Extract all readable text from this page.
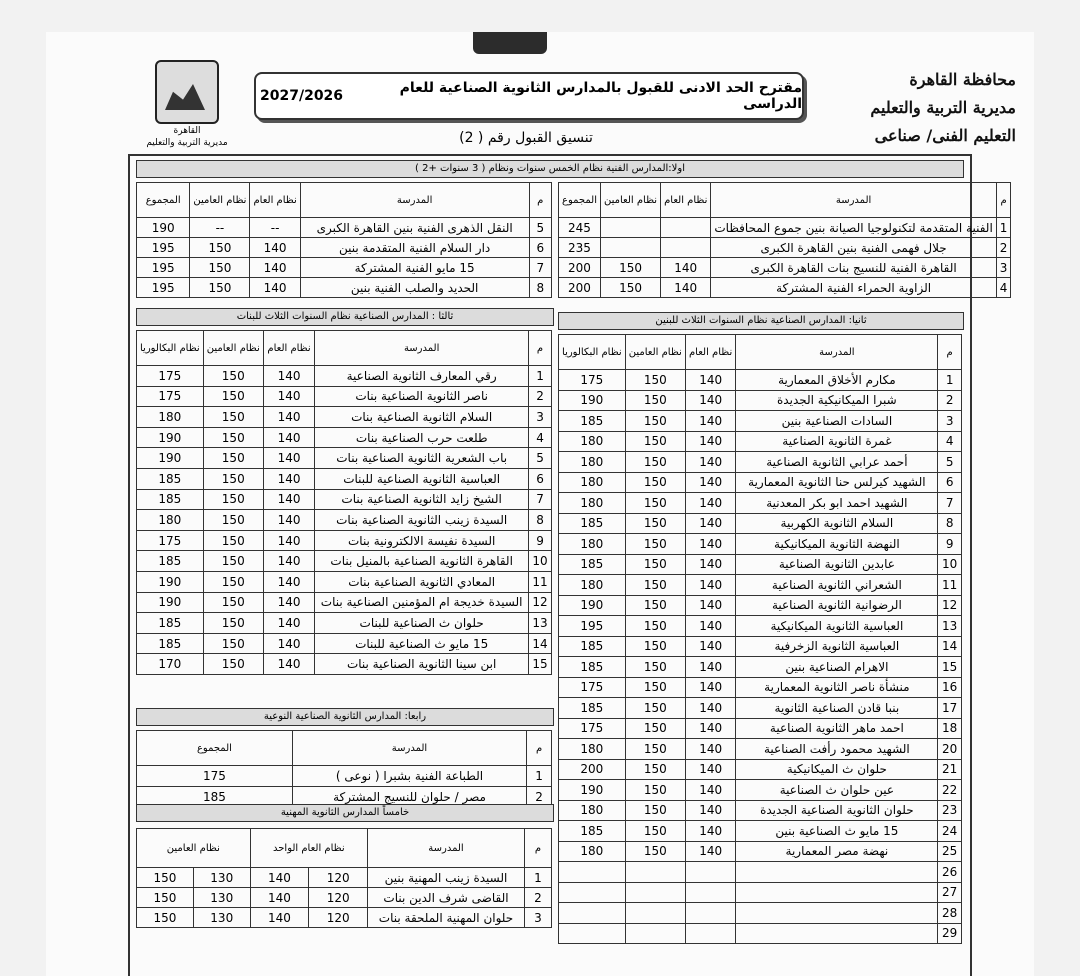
محافظة القاهرة
مديرية التربية والتعليم
التعليم الفنى/ صناعى
مقترح الحد الادنى للقبول بالمدارس الثانوية الصناعية للعام الدراسى
2027/2026
القاهرة
مديرية التربية والتعليم	تنسيق القبول رقم ( 2)
اولا:المدارس الفنية نظام الخمس سنوات ونظام ( 3 سنوات +2 )
م	المدرسة	نظام العام	نظام العامين	المجموع
1	الفنية المتقدمة لتكنولوجيا الصيانة بنين جموع المحافظات			245
2	جلال فهمى الفنية بنين القاهرة الكبرى			235
3	القاهرة الفنية للنسيج بنات القاهرة الكبرى	140	150	200
4	الزاوية الحمراء الفنية المشتركة	140	150	200
م	المدرسة	نظام العام	نظام العامين	المجموع
5	النقل الذهرى الفنية بنين القاهرة الكبرى	--	--	190
6	دار السلام الفنية المتقدمة بنين	140	150	195
7	15 مايو الفنية المشتركة	140	150	195
8	الحديد والصلب الفنية بنين	140	150	195
ثانيا: المدارس الصناعية نظام السنوات الثلاث للبنين
م	المدرسة	نظام العام	نظام العامين	نظام البكالوريا
1	مكارم الأخلاق المعمارية	140	150	175
2	شبرا الميكانيكية الجديدة	140	150	190
3	السادات الصناعية بنين	140	150	185
4	غمرة الثانوية الصناعية	140	150	180
5	أحمد عرابي الثانوية الصناعية	140	150	180
6	الشهيد كيرلس حنا الثانوية المعمارية	140	150	180
7	الشهيد احمد ابو بكر المعدنية	140	150	180
8	السلام الثانوية الكهربية	140	150	185
9	النهضة الثانوية الميكانيكية	140	150	180
10	عابدين الثانوية الصناعية	140	150	185
11	الشعراني الثانوية الصناعية	140	150	180
12	الرضوانية الثانوية الصناعية	140	150	190
13	العباسية الثانوية الميكانيكية	140	150	195
14	العباسية الثانوية الزخرفية	140	150	185
15	الاهرام الصناعية بنين	140	150	185
16	منشأة ناصر الثانوية المعمارية	140	150	175
17	بنبا قادن الصناعية الثانوية	140	150	185
18	احمد ماهر الثانوية الصناعية	140	150	175
20	الشهيد محمود رأفت الصناعية	140	150	180
21	حلوان ث الميكانيكية	140	150	200
22	عين حلوان ث الصناعية	140	150	190
23	حلوان الثانوية الصناعية الجديدة	140	150	180
24	15 مايو ث الصناعية بنين	140	150	185
25	نهضة مصر المعمارية	140	150	180
26				
27				
28				
29				
ثالثا : المدارس الصناعية نظام السنوات الثلاث للبنات
م	المدرسة	نظام العام	نظام العامين	نظام البكالوريا
1	رقي المعارف الثانوية الصناعية	140	150	175
2	ناصر الثانوية الصناعية بنات	140	150	175
3	السلام الثانوية الصناعية بنات	140	150	180
4	طلعت حرب الصناعية بنات	140	150	190
5	باب الشعرية الثانوية الصناعية بنات	140	150	190
6	العباسية الثانوية الصناعية للبنات	140	150	185
7	الشيخ زايد الثانوية الصناعية بنات	140	150	185
8	السيدة زينب الثانوية الصناعية بنات	140	150	180
9	السيدة نفيسة الالكترونية بنات	140	150	175
10	القاهرة الثانوية الصناعية بالمنيل بنات	140	150	185
11	المعادي الثانوية الصناعية بنات	140	150	190
12	السيدة خديجة ام المؤمنين الصناعية بنات	140	150	190
13	حلوان ث الصناعية للبنات	140	150	185
14	15 مايو ث الصناعية للبنات	140	150	185
15	ابن سينا الثانوية الصناعية بنات	140	150	170
رابعا: المدارس الثانوية الصناعية النوعية
م	المدرسة	المجموع
1	الطباعة الفنية بشبرا ( نوعى )	175
2	مصر / حلوان للنسيج المشتركة	185
خامساً المدارس الثانوية المهنية
م	المدرسة	نظام العام الواحد		نظام العامين	
1	السيدة زينب المهنية بنين	120	140	130	150
2	القاضى شرف الدين بنات	120	140	130	150
3	حلوان المهنية الملحقة بنات	120	140	130	150
